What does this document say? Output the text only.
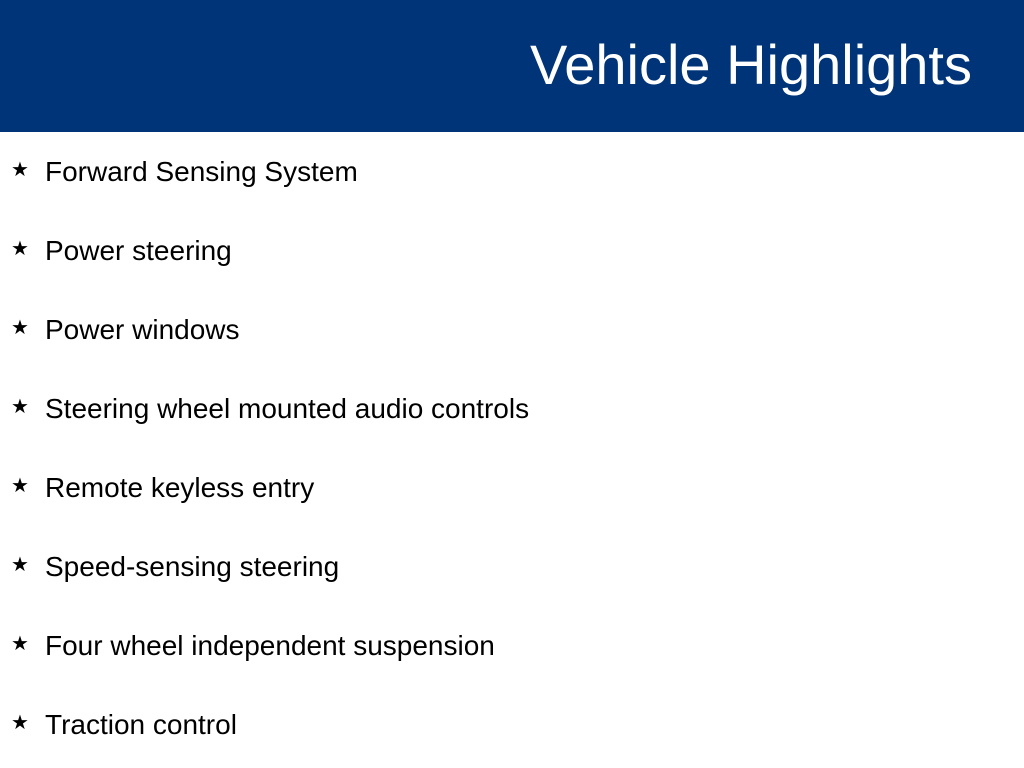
Vehicle Highlights
★ Forward Sensing System
★ Power steering
★ Power windows
★ Steering wheel mounted audio controls
★ Remote keyless entry
★ Speed-sensing steering
★ Four wheel independent suspension
★ Traction control
